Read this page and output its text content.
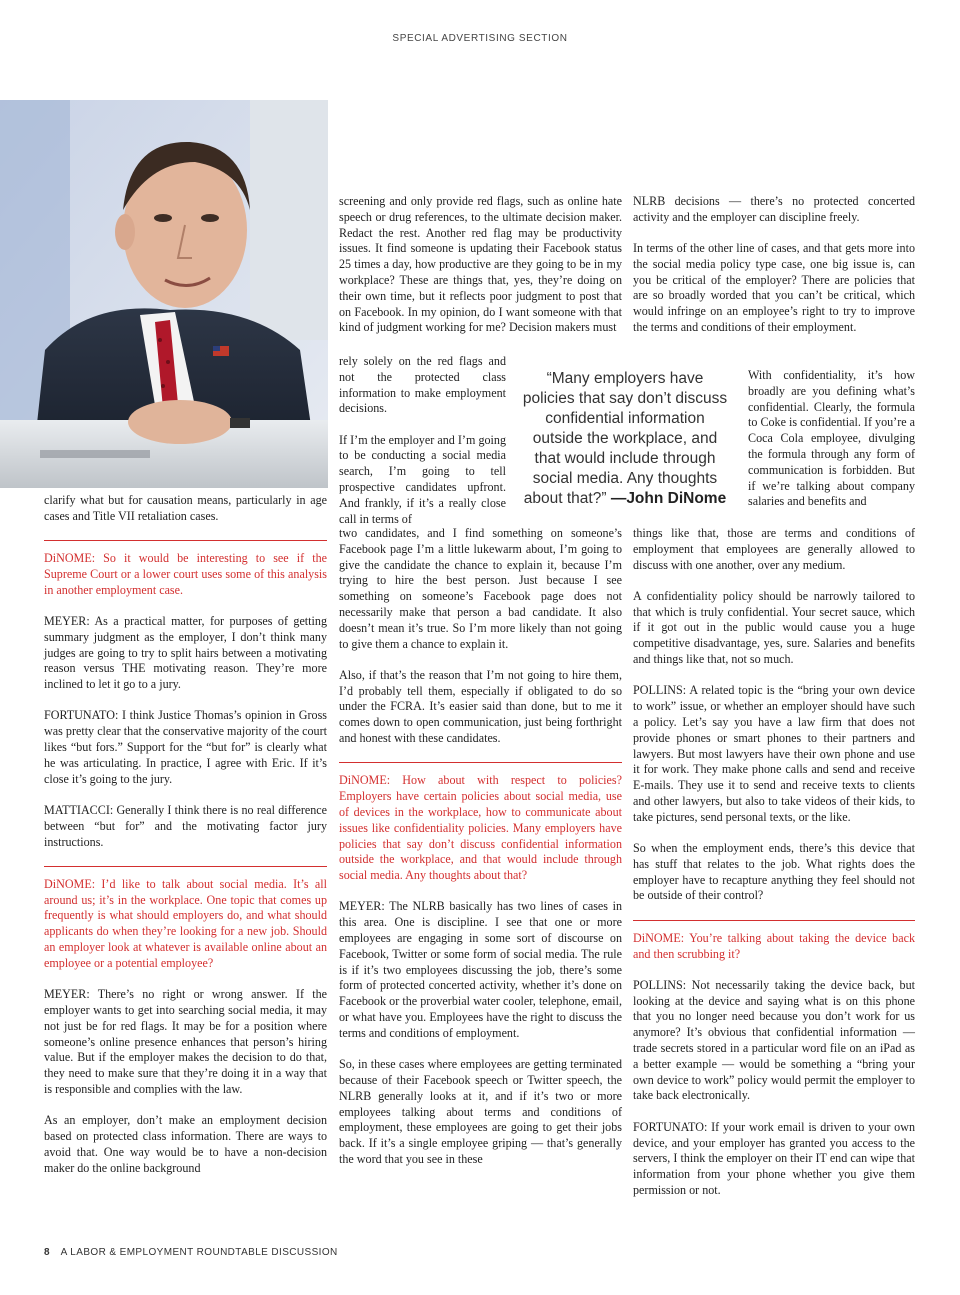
SPECIAL ADVERTISING SECTION

clarify what but for causation means, particularly in age cases and Title VII retaliation cases.

DiNOME: So it would be interesting to see if the Supreme Court or a lower court uses some of this analysis in another employment case.

MEYER: As a practical matter, for purposes of getting summary judgment as the employer, I don’t think many judges are going to try to split hairs between a motivating reason versus THE motivating reason. They’re more inclined to let it go to a jury.

FORTUNATO: I think Justice Thomas’s opinion in Gross was pretty clear that the conservative majority of the court likes “but fors.” Support for the “but for” is clearly what he was articulating. In practice, I agree with Eric. If it’s close it’s going to the jury.

MATTIACCI: Generally I think there is no real difference between “but for” and the motivating factor jury instructions.

DiNOME: I’d like to talk about social media. It’s all around us; it’s in the workplace. One topic that comes up frequently is what should employers do, and what should applicants do when they’re looking for a new job. Should an employer look at whatever is available online about an employee or a potential employee?

MEYER: There’s no right or wrong answer. If the employer wants to get into searching social media, it may not just be for red flags. It may be for a position where someone’s online presence enhances that person’s hiring value. But if the employer makes the decision to do that, they need to make sure that they’re doing it in a way that is responsible and complies with the law.

As an employer, don’t make an employment decision based on protected class information. There are ways to avoid that. One way would be to have a non-decision maker do the online background

screening and only provide red flags, such as online hate speech or drug references, to the ultimate decision maker. Redact the rest. Another red flag may be productivity issues. It find someone is updating their Facebook status 25 times a day, how productive are they going to be in my workplace? These are things that, yes, they’re doing on their own time, but it reflects poor judgment to post that on Facebook. In my opinion, do I want someone with that kind of judgment working for me? Decision makers must

rely solely on the red flags and not the protected class information to make employment decisions.

If I’m the employer and I’m going to be conducting a social media search, I’m going to tell prospective candidates upfront. And frankly, if it’s a really close call in terms of

two candidates, and I find something on someone’s Facebook page I’m a little lukewarm about, I’m going to give the candidate the chance to explain it, because I’m trying to hire the best person. Just because I see something on someone’s Facebook page does not necessarily make that person a bad candidate. It also doesn’t mean it’s true. So I’m more likely than not going to give them a chance to explain it.

Also, if that’s the reason that I’m not going to hire them, I’d probably tell them, especially if obligated to do so under the FCRA. It’s easier said than done, but to me it comes down to open communication, just being forthright and honest with these candidates.

DiNOME: How about with respect to policies? Employers have certain policies about social media, use of devices in the workplace, how to communicate about issues like confidentiality policies. Many employers have policies that say don’t discuss confidential information outside the workplace, and that would include through social media. Any thoughts about that?

MEYER: The NLRB basically has two lines of cases in this area. One is discipline. I see that one or more employees are engaging in some sort of discourse on Facebook, Twitter or some form of social media. The rule is if it’s two employees discussing the job, there’s some form of protected concerted activity, whether it’s done on Facebook or the proverbial water cooler, telephone, email, or what have you. Employees have the right to discuss the terms and conditions of employment.

So, in these cases where employees are getting terminated because of their Facebook speech or Twitter speech, the NLRB generally looks at it, and if it’s two or more employees talking about terms and conditions of employment, these employees are going to get their jobs back. If it’s a single employee griping — that’s generally the word that you see in these

“Many employers have policies that say don’t discuss confidential information outside the workplace, and that would include through social media. Any thoughts about that?” —John DiNome

NLRB decisions — there’s no protected concerted activity and the employer can discipline freely.

In terms of the other line of cases, and that gets more into the social media policy type case, one big issue is, can you be critical of the employer? There are policies that are so broadly worded that you can’t be critical, which would infringe on an employee’s right to try to improve the terms and conditions of their employment.

With confidentiality, it’s how broadly are you defining what’s confidential. Clearly, the formula to Coke is confidential. If you’re a Coca Cola employee, divulging the formula through any form of communication is forbidden. But if we’re talking about company salaries and benefits and

things like that, those are terms and conditions of employment that employees are generally allowed to discuss with one another, over any medium.

A confidentiality policy should be narrowly tailored to that which is truly confidential. Your secret sauce, which if it got out in the public would cause you a huge competitive disadvantage, yes, sure. Salaries and benefits and things like that, not so much.

POLLINS: A related topic is the “bring your own device to work” issue, or whether an employer should have such a policy. Let’s say you have a law firm that does not provide phones or smart phones to their partners and lawyers. But most lawyers have their own phone and use it for work. They make phone calls and send and receive E-mails. They use it to send and receive texts to clients and other lawyers, but also to take videos of their kids, to take pictures, send personal texts, or the like.

So when the employment ends, there’s this device that has stuff that relates to the job. What rights does the employer have to recapture anything they feel should not be outside of their control?

DiNOME: You’re talking about taking the device back and then scrubbing it?

POLLINS: Not necessarily taking the device back, but looking at the device and saying what is on this phone that you no longer need because you don’t work for us anymore? It’s obvious that confidential information — trade secrets stored in a particular word file on an iPad as a better example — would be something a “bring your own device to work” policy would permit the employer to take back electronically.

FORTUNATO: If your work email is driven to your own device, and your employer has granted you access to the servers, I think the employer on their IT end can wipe that information from your phone whether you give them permission or not.

8 A LABOR & EMPLOYMENT ROUNDTABLE DISCUSSION
